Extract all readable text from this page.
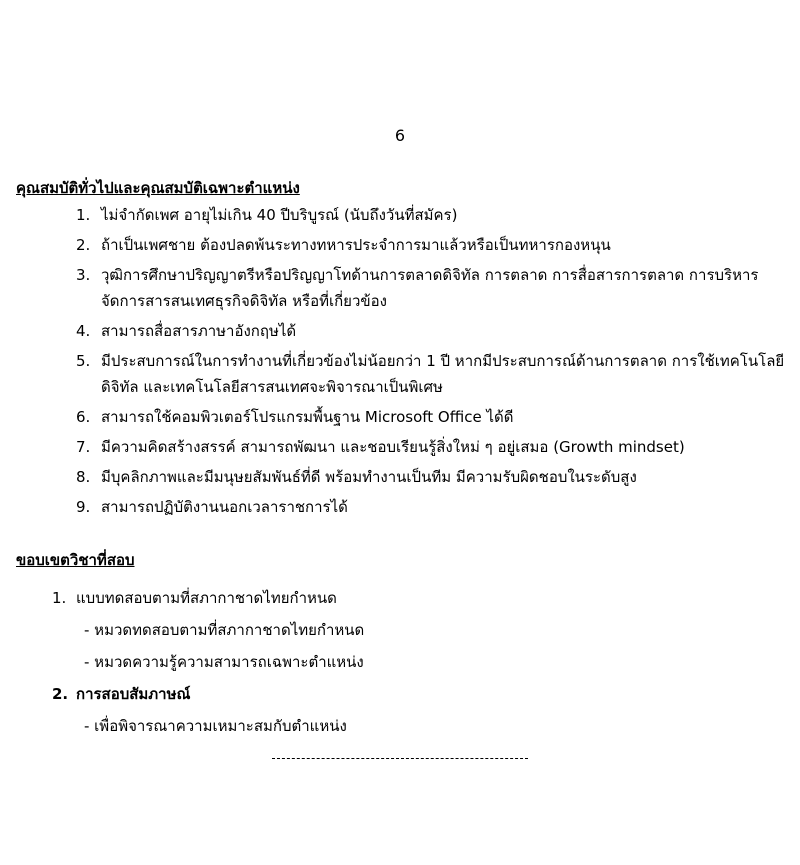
6
คุณสมบัติทั่วไปและคุณสมบัติเฉพาะตำแหน่ง
1. ไม่จำกัดเพศ อายุไม่เกิน 40 ปีบริบูรณ์ (นับถึงวันที่สมัคร)
2. ถ้าเป็นเพศชาย ต้องปลดพ้นระทางทหารประจำการมาแล้วหรือเป็นทหารกองหนุน
3. วุฒิการศึกษาปริญญาตรีหรือปริญญาโทด้านการตลาดดิจิทัล การตลาด การสื่อสารการตลาด การบริหารจัดการสารสนเทศธุรกิจดิจิทัล หรือที่เกี่ยวข้อง
4. สามารถสื่อสารภาษาอังกฤษได้
5. มีประสบการณ์ในการทำงานที่เกี่ยวข้องไม่น้อยกว่า 1 ปี หากมีประสบการณ์ด้านการตลาด การใช้เทคโนโลยีดิจิทัล และเทคโนโลยีสารสนเทศจะพิจารณาเป็นพิเศษ
6. สามารถใช้คอมพิวเตอร์โปรแกรมพื้นฐาน Microsoft Office ได้ดี
7. มีความคิดสร้างสรรค์ สามารถพัฒนา และชอบเรียนรู้สิ่งใหม่ ๆ อยู่เสมอ (Growth mindset)
8. มีบุคลิกภาพและมีมนุษยสัมพันธ์ที่ดี พร้อมทำงานเป็นทีม มีความรับผิดชอบในระดับสูง
9. สามารถปฏิบัติงานนอกเวลาราชการได้
ขอบเขตวิชาที่สอบ
1. แบบทดสอบตามที่สภากาชาดไทยกำหนด
- หมวดทดสอบตามที่สภากาชาดไทยกำหนด
- หมวดความรู้ความสามารถเฉพาะตำแหน่ง
2. การสอบสัมภาษณ์
- เพื่อพิจารณาความเหมาะสมกับตำแหน่ง
